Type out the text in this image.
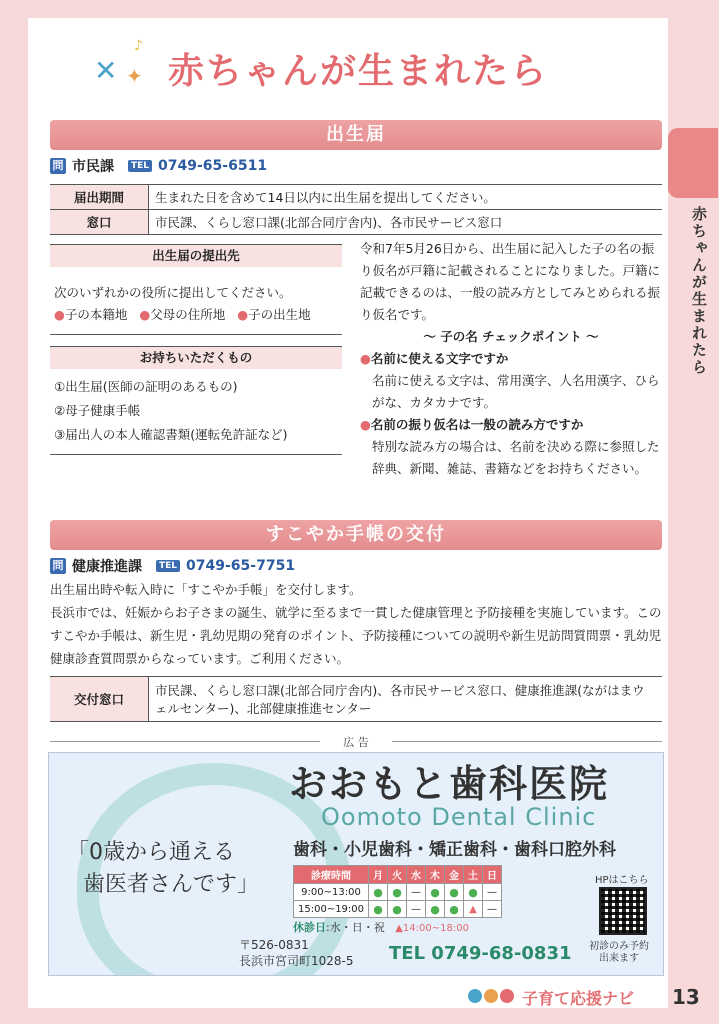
✕ ✦
♪
赤ちゃんが生まれたら
赤ちゃんが生まれたら
出生届
問 市民課	TEL 0749-65-6511
届出期間	生まれた日を含めて14日以内に出生届を提出してください。
窓口	市民課、くらし窓口課(北部合同庁舎内)、各市民サービス窓口
出生届の提出先
次のいずれかの役所に提出してください。
●子の本籍地 ●父母の住所地 ●子の出生地
お持ちいただくもの
①出生届(医師の証明のあるもの)
②母子健康手帳
③届出人の本人確認書類(運転免許証など)
令和7年5月26日から、出生届に記入した子の名の振り仮名が戸籍に記載されることになりました。戸籍に記載できるのは、一般の読み方としてみとめられる振り仮名です。
〜 子の名 チェックポイント 〜
●名前に使える文字ですか
名前に使える文字は、常用漢字、人名用漢字、ひらがな、カタカナです。
●名前の振り仮名は一般の読み方ですか
特別な読み方の場合は、名前を決める際に参照した辞典、新聞、雑誌、書籍などをお持ちください。
すこやか手帳の交付
問 健康推進課	TEL 0749-65-7751
出生届出時や転入時に「すこやか手帳」を交付します。
長浜市では、妊娠からお子さまの誕生、就学に至るまで一貫した健康管理と予防接種を実施しています。このすこやか手帳は、新生児・乳幼児期の発育のポイント、予防接種についての説明や新生児訪問質問票・乳幼児健康診査質問票からなっています。ご利用ください。
交付窓口	市民課、くらし窓口課(北部合同庁舎内)、各市民サービス窓口、健康推進課(ながはまウェルセンター)、北部健康推進センター
広 告
「0歳から通える
歯医者さんです」
おおもと歯科医院
Oomoto Dental Clinic
歯科・小児歯科・矯正歯科・歯科口腔外科
診療時間	月	火	水	木	金	土	日
9:00~13:00	●	●	—	●	●	●	—
15:00~19:00	●	●	—	●	●	▲	—
休診日:水・日・祝 ▲14:00~18:00
〒526-0831
長浜市宮司町1028-5 TEL 0749-68-0831
HPはこちら
初診のみ予約
出来ます
子育て応援ナビ 13
